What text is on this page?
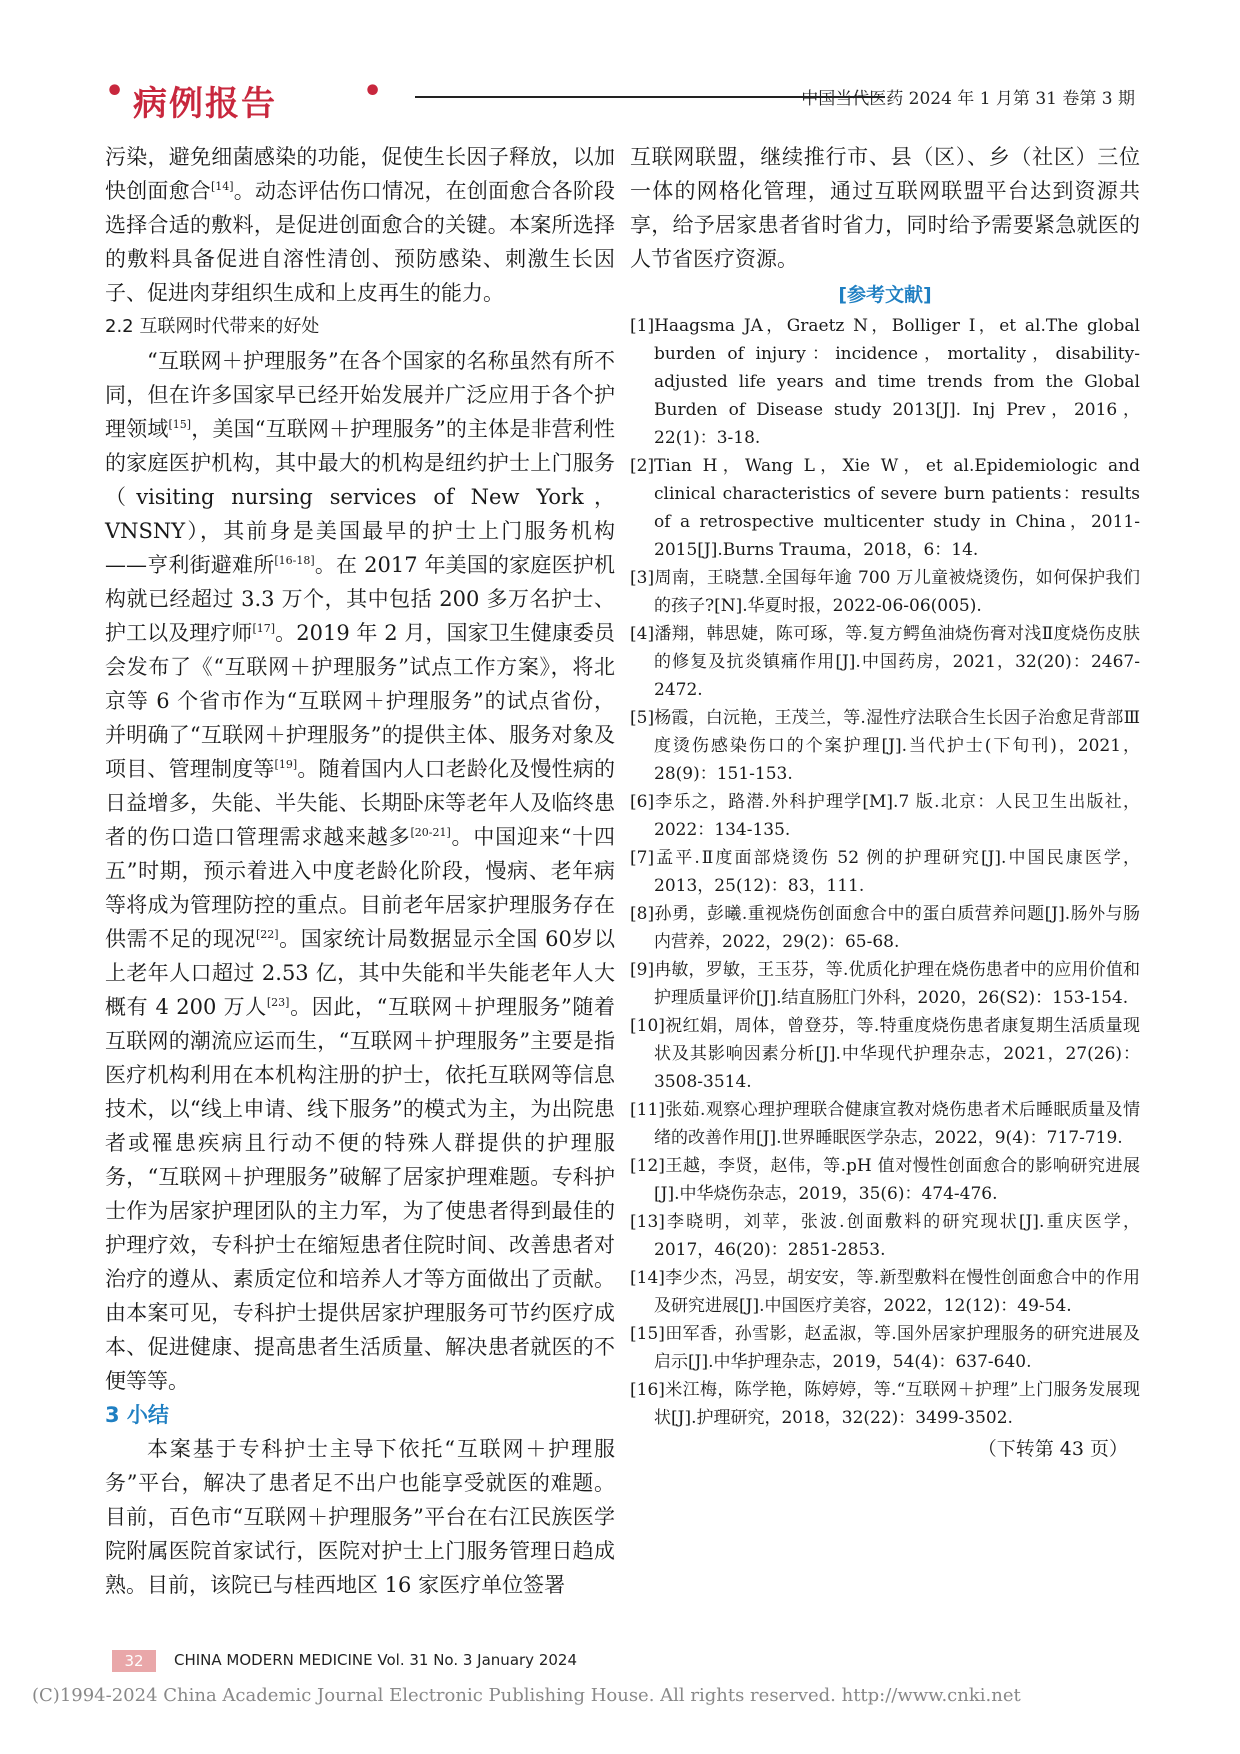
• 病例报告	•	中国当代医药 2024 年 1 月第 31 卷第 3 期

污染，避免细菌感染的功能，促使生长因子释放，以加快创面愈合[14]。动态评估伤口情况，在创面愈合各阶段选择合适的敷料，是促进创面愈合的关键。本案所选择的敷料具备促进自溶性清创、预防感染、刺激生长因子、促进肉芽组织生成和上皮再生的能力。

2.2 互联网时代带来的好处

“互联网＋护理服务”在各个国家的名称虽然有所不同，但在许多国家早已经开始发展并广泛应用于各个护理领域[15]，美国“互联网＋护理服务”的主体是非营利性的家庭医护机构，其中最大的机构是纽约护士上门服务（visiting nursing services of New York，VNSNY），其前身是美国最早的护士上门服务机构——亨利街避难所[16-18]。在 2017 年美国的家庭医护机构就已经超过 3.3 万个，其中包括 200 多万名护士、护工以及理疗师[17]。2019 年 2 月，国家卫生健康委员会发布了《“互联网＋护理服务”试点工作方案》，将北京等 6 个省市作为“互联网＋护理服务”的试点省份，并明确了“互联网＋护理服务”的提供主体、服务对象及项目、管理制度等[19]。随着国内人口老龄化及慢性病的日益增多，失能、半失能、长期卧床等老年人及临终患者的伤口造口管理需求越来越多[20-21]。中国迎来“十四五”时期，预示着进入中度老龄化阶段，慢病、老年病等将成为管理防控的重点。目前老年居家护理服务存在供需不足的现况[22]。国家统计局数据显示全国 60岁以上老年人口超过 2.53 亿，其中失能和半失能老年人大概有 4 200 万人[23]。因此，“互联网＋护理服务”随着互联网的潮流应运而生，“互联网＋护理服务”主要是指医疗机构利用在本机构注册的护士，依托互联网等信息技术，以“线上申请、线下服务”的模式为主，为出院患者或罹患疾病且行动不便的特殊人群提供的护理服务，“互联网＋护理服务”破解了居家护理难题。专科护士作为居家护理团队的主力军，为了使患者得到最佳的护理疗效，专科护士在缩短患者住院时间、改善患者对治疗的遵从、素质定位和培养人才等方面做出了贡献。由本案可见，专科护士提供居家护理服务可节约医疗成本、促进健康、提高患者生活质量、解决患者就医的不便等等。

3 小结

本案基于专科护士主导下依托“互联网＋护理服务”平台，解决了患者足不出户也能享受就医的难题。目前，百色市“互联网＋护理服务”平台在右江民族医学院附属医院首家试行，医院对护士上门服务管理日趋成熟。目前，该院已与桂西地区 16 家医疗单位签署

互联网联盟，继续推行市、县（区）、乡（社区）三位一体的网格化管理，通过互联网联盟平台达到资源共享，给予居家患者省时省力，同时给予需要紧急就医的人节省医疗资源。

[参考文献]

[1]Haagsma JA，Graetz N，Bolliger I，et al.The global burden of injury：incidence，mortality，disability-adjusted life years and time trends from the Global Burden of Disease study 2013[J]. Inj Prev，2016，22(1)：3-18.
[2]Tian H，Wang L，Xie W，et al.Epidemiologic and clinical characteristics of severe burn patients：results of a retrospective multicenter study in China，2011-2015[J].Burns Trauma，2018，6：14.
[3]周南，王晓慧.全国每年逾 700 万儿童被烧烫伤，如何保护我们的孩子?[N].华夏时报，2022-06-06(005).
[4]潘翔，韩思婕，陈可琢，等.复方鳄鱼油烧伤膏对浅Ⅱ度烧伤皮肤的修复及抗炎镇痛作用[J].中国药房，2021，32(20)：2467-2472.
[5]杨霞，白沅艳，王茂兰，等.湿性疗法联合生长因子治愈足背部Ⅲ度烫伤感染伤口的个案护理[J].当代护士(下旬刊)，2021，28(9)：151-153.
[6]李乐之，路潜.外科护理学[M].7 版.北京：人民卫生出版社，2022：134-135.
[7]孟平.Ⅱ度面部烧烫伤 52 例的护理研究[J].中国民康医学，2013，25(12)：83，111.
[8]孙勇，彭曦.重视烧伤创面愈合中的蛋白质营养问题[J].肠外与肠内营养，2022，29(2)：65-68.
[9]冉敏，罗敏，王玉芬，等.优质化护理在烧伤患者中的应用价值和护理质量评价[J].结直肠肛门外科，2020，26(S2)：153-154.
[10]祝红娟，周体，曾登芬，等.特重度烧伤患者康复期生活质量现状及其影响因素分析[J].中华现代护理杂志，2021，27(26)：3508-3514.
[11]张茹.观察心理护理联合健康宣教对烧伤患者术后睡眠质量及情绪的改善作用[J].世界睡眠医学杂志，2022，9(4)：717-719.
[12]王越，李贤，赵伟，等.pH 值对慢性创面愈合的影响研究进展[J].中华烧伤杂志，2019，35(6)：474-476.
[13]李晓明，刘苹，张波.创面敷料的研究现状[J].重庆医学，2017，46(20)：2851-2853.
[14]李少杰，冯昱，胡安安，等.新型敷料在慢性创面愈合中的作用及研究进展[J].中国医疗美容，2022，12(12)：49-54.
[15]田军香，孙雪影，赵孟淑，等.国外居家护理服务的研究进展及启示[J].中华护理杂志，2019，54(4)：637-640.
[16]米江梅，陈学艳，陈婷婷，等.“互联网＋护理”上门服务发展现状[J].护理研究，2018，32(22)：3499-3502.

（下转第 43 页）

32	CHINA MODERN MEDICINE Vol. 31 No. 3 January 2024
(C)1994-2024 China Academic Journal Electronic Publishing House. All rights reserved. http://www.cnki.net
